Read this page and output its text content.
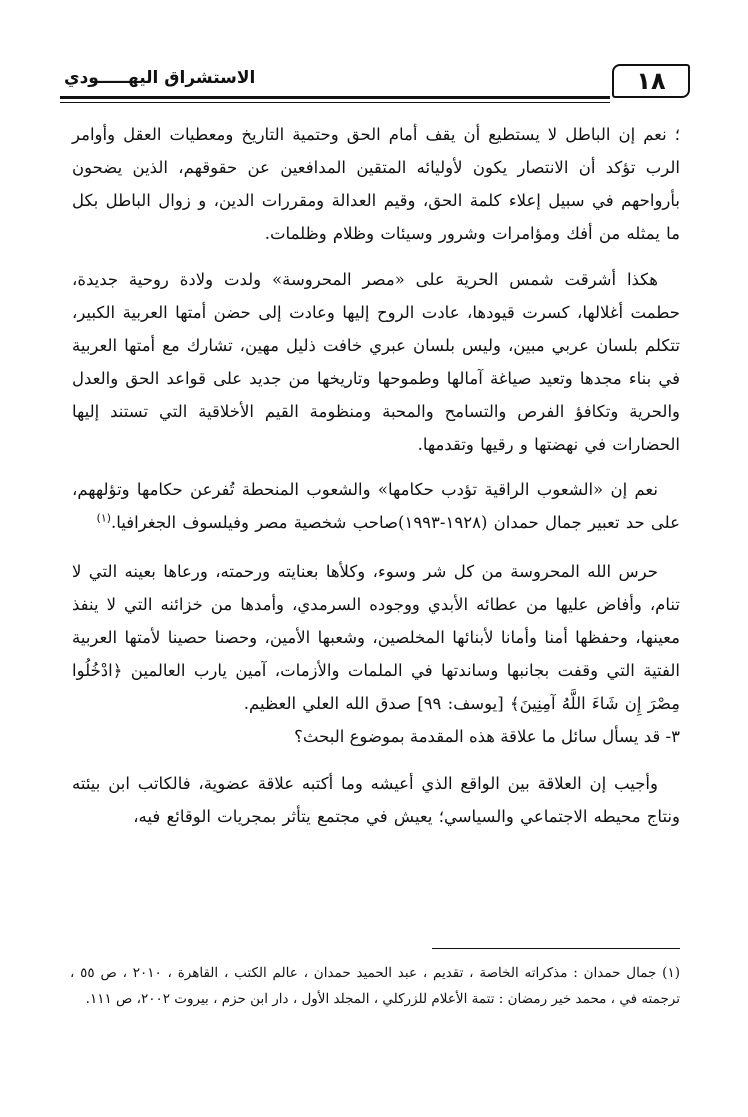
١٨
الاستشراق اليهـــــودي

؛ نعم إن الباطل لا يستطيع أن يقف أمام الحق وحتمية التاريخ ومعطيات العقل وأوامر الرب تؤكد أن الانتصار يكون لأوليائه المتقين المدافعين عن حقوقهم، الذين يضحون بأرواحهم في سبيل إعلاء كلمة الحق، وقيم العدالة ومقررات الدين، و زوال الباطل بكل ما يمثله من أفك ومؤامرات وشرور وسيئات وظلام وظلمات.

هكذا أشرقت شمس الحرية على «مصر المحروسة» ولدت ولادة روحية جديدة، حطمت أغلالها، كسرت قيودها، عادت الروح إليها وعادت إلى حضن أمتها العربية الكبير، تتكلم بلسان عربي مبين، وليس بلسان عبري خافت ذليل مهين، تشارك مع أمتها العربية في بناء مجدها وتعيد صياغة آمالها وطموحها وتاريخها من جديد على قواعد الحق والعدل والحرية وتكافؤ الفرص والتسامح والمحبة ومنظومة القيم الأخلاقية التي تستند إليها الحضارات في نهضتها و رقيها وتقدمها.

نعم إن «الشعوب الراقية تؤدب حكامها» والشعوب المنحطة تُفرعن حكامها وتؤلههم، على حد تعبير جمال حمدان (١٩٢٨-١٩٩٣)صاحب شخصية مصر وفيلسوف الجغرافيا.$^{(١)}$

حرس الله المحروسة من كل شر وسوء، وكلأها بعنايته ورحمته، ورعاها بعينه التي لا تنام، وأفاض عليها من عطائه الأبدي ووجوده السرمدي، وأمدها من خزائنه التي لا ينفذ معينها، وحفظها أمنا وأمانا لأبنائها المخلصين، وشعبها الأمين، وحصنا حصينا لأمتها العربية الفتية التي وقفت بجانبها وساندتها في الملمات والأزمات، آمين يارب العالمين ﴿ادْخُلُوا مِصْرَ إِن شَاءَ اللَّهُ آمِنِينَ﴾ [يوسف: ٩٩] صدق الله العلي العظيم.

٣- قد يسأل سائل ما علاقة هذه المقدمة بموضوع البحث؟

وأجيب إن العلاقة بين الواقع الذي أعيشه وما أكتبه علاقة عضوية، فالكاتب ابن بيئته ونتاج محيطه الاجتماعي والسياسي؛ يعيش في مجتمع يتأثر بمجريات الوقائع فيه،

(١) جمال حمدان : مذكراته الخاصة ، تقديم ، عبد الحميد حمدان ، عالم الكتب ، القاهرة ، ٢٠١٠ ، ص ٥٥ ، ترجمته في ، محمد خير رمضان : تتمة الأعلام للزركلي ، المجلد الأول ، دار ابن حزم ، بيروت ٢٠٠٢، ص ١١١.
